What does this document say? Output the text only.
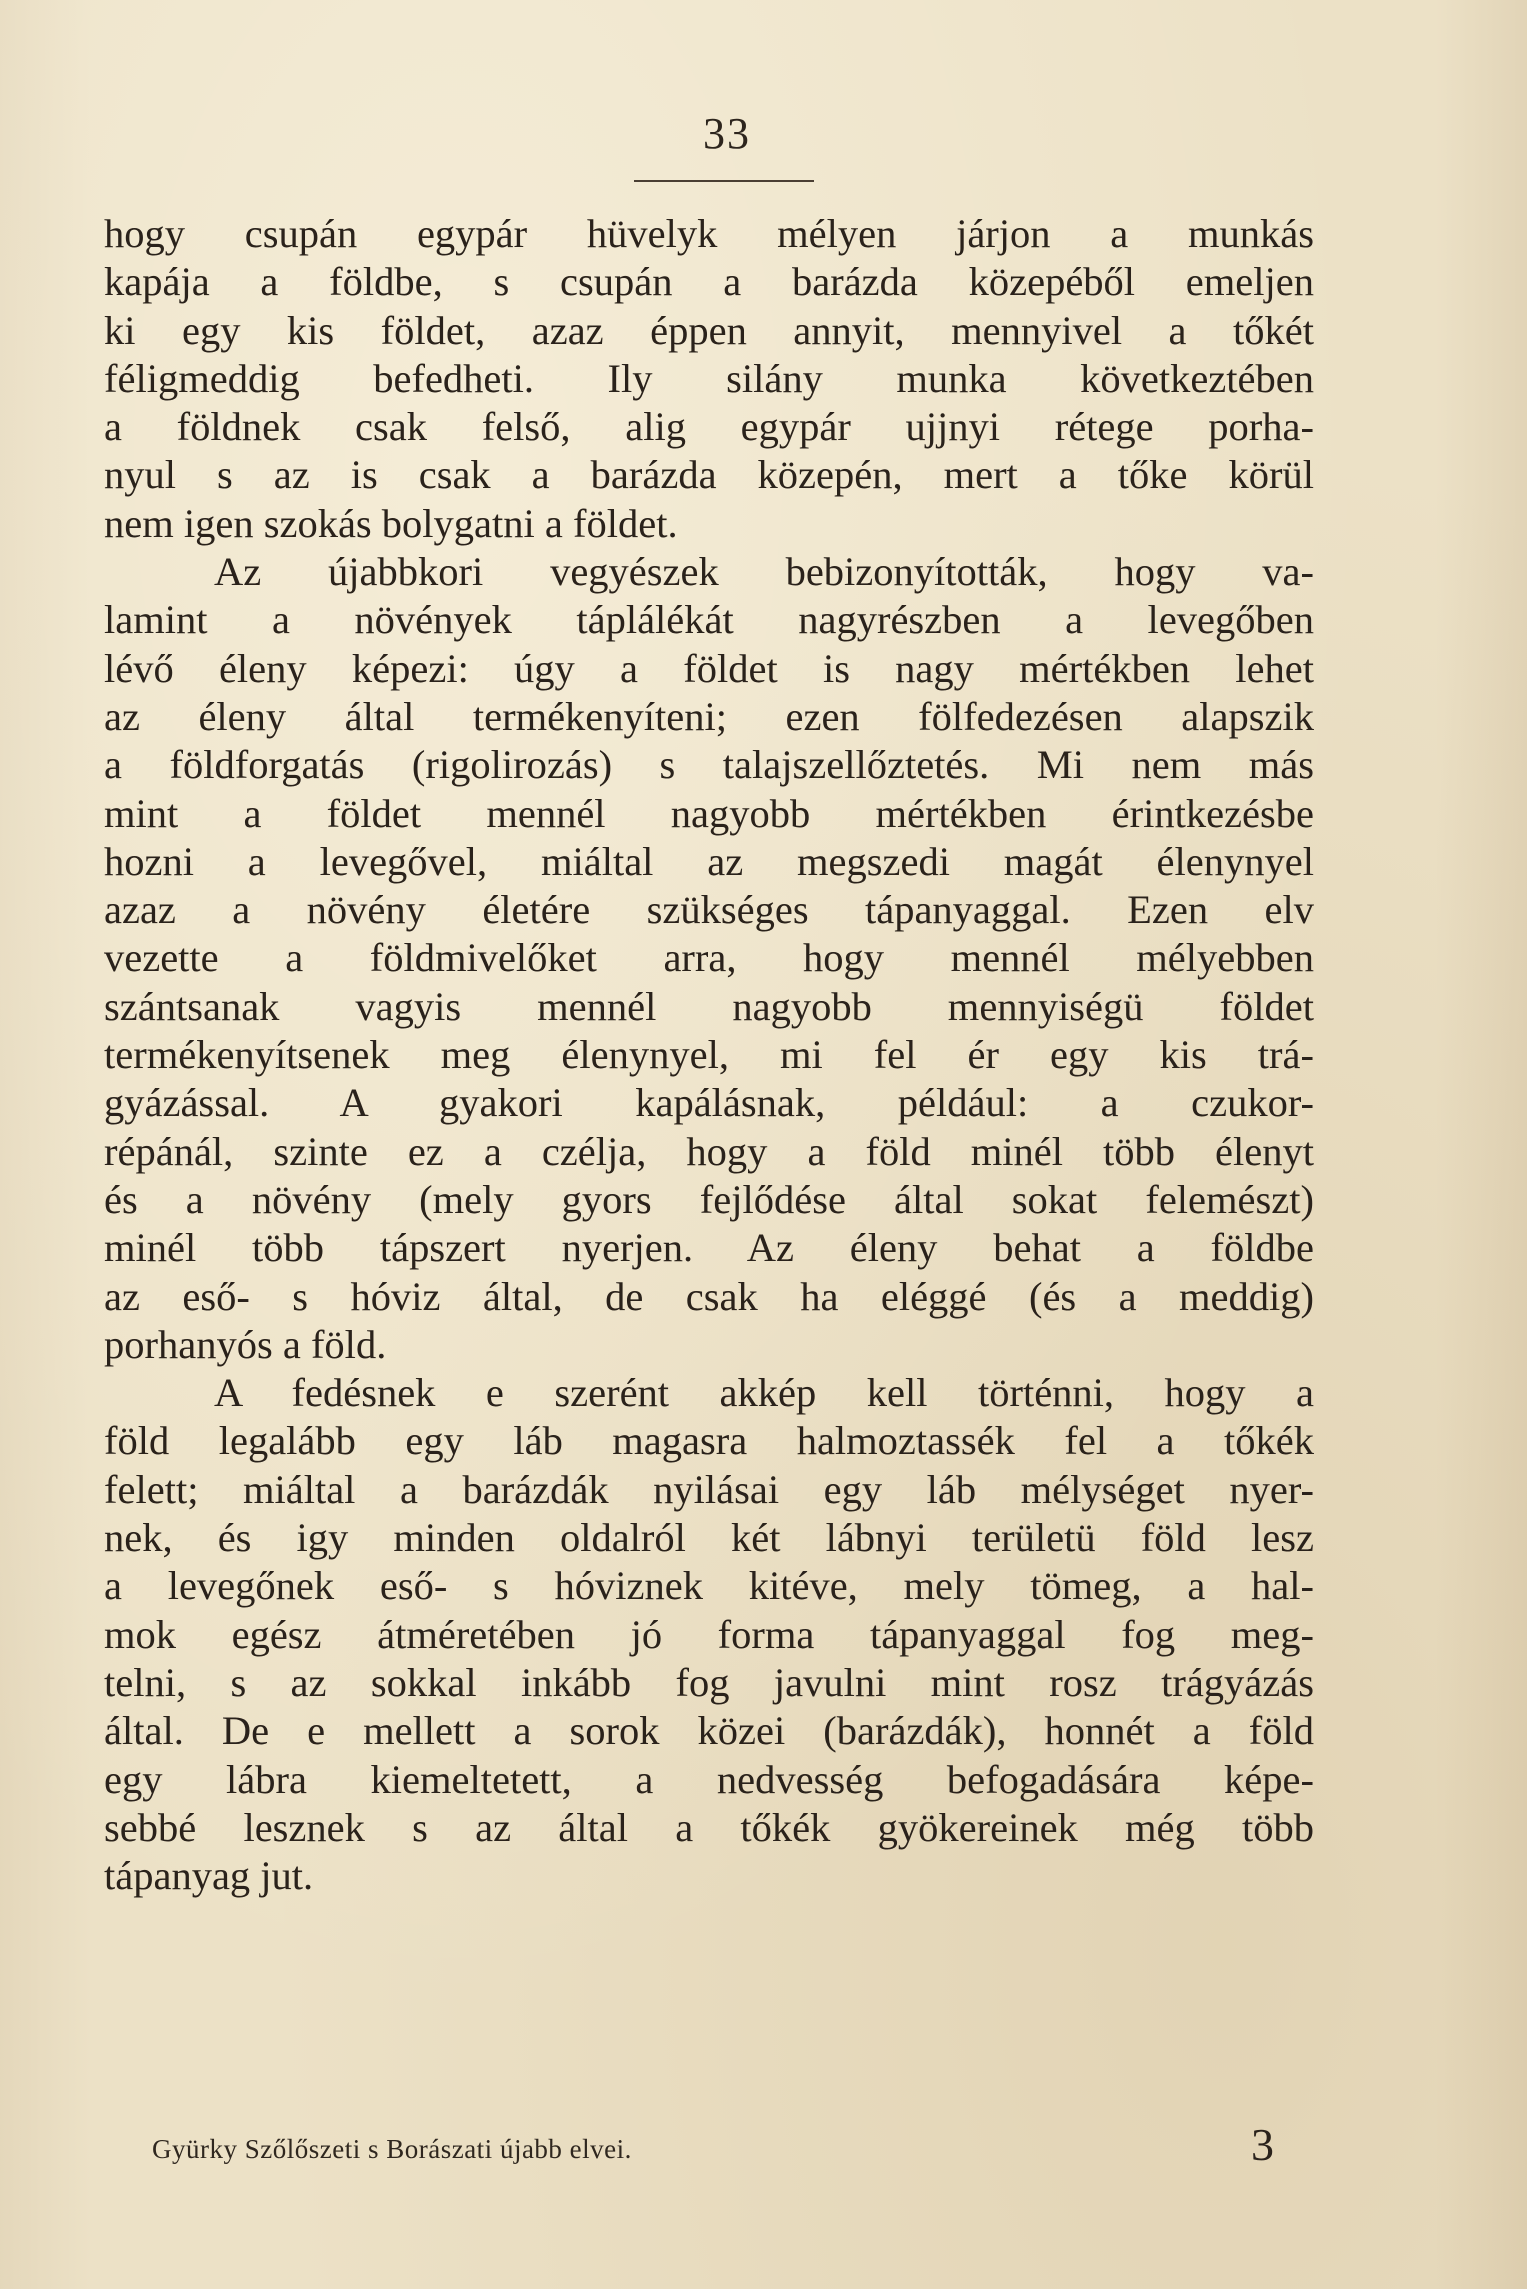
33
hogy csupán egypár hüvelyk mélyen járjon a munkás
kapája a földbe, s csupán a barázda közepéből emeljen
ki egy kis földet, azaz éppen annyit, mennyivel a tőkét
féligmeddig befedheti. Ily silány munka következtében
a földnek csak felső, alig egypár ujjnyi rétege porha-
nyul s az is csak a barázda közepén, mert a tőke körül
nem igen szokás bolygatni a földet.
Az újabbkori vegyészek bebizonyították, hogy va-
lamint a növények táplálékát nagyrészben a levegőben
lévő éleny képezi: úgy a földet is nagy mértékben lehet
az éleny által termékenyíteni; ezen fölfedezésen alapszik
a földforgatás (rigolirozás) s talajszellőztetés. Mi nem más
mint a földet mennél nagyobb mértékben érintkezésbe
hozni a levegővel, miáltal az megszedi magát élenynyel
azaz a növény életére szükséges tápanyaggal. Ezen elv
vezette a földmivelőket arra, hogy mennél mélyebben
szántsanak vagyis mennél nagyobb mennyiségü földet
termékenyítsenek meg élenynyel, mi fel ér egy kis trá-
gyázással. A gyakori kapálásnak, például: a czukor-
répánál, szinte ez a czélja, hogy a föld minél több élenyt
és a növény (mely gyors fejlődése által sokat felemészt)
minél több tápszert nyerjen. Az éleny behat a földbe
az eső- s hóviz által, de csak ha eléggé (és a meddig)
porhanyós a föld.
A fedésnek e szerént akkép kell történni, hogy a
föld legalább egy láb magasra halmoztassék fel a tőkék
felett; miáltal a barázdák nyilásai egy láb mélységet nyer-
nek, és igy minden oldalról két lábnyi területü föld lesz
a levegőnek eső- s hóviznek kitéve, mely tömeg, a hal-
mok egész átméretében jó forma tápanyaggal fog meg-
telni, s az sokkal inkább fog javulni mint rosz trágyázás
által. De e mellett a sorok közei (barázdák), honnét a föld
egy lábra kiemeltetett, a nedvesség befogadására képe-
sebbé lesznek s az által a tőkék gyökereinek még több
tápanyag jut.
Gyürky Szőlőszeti s Borászati újabb elvei.	3
